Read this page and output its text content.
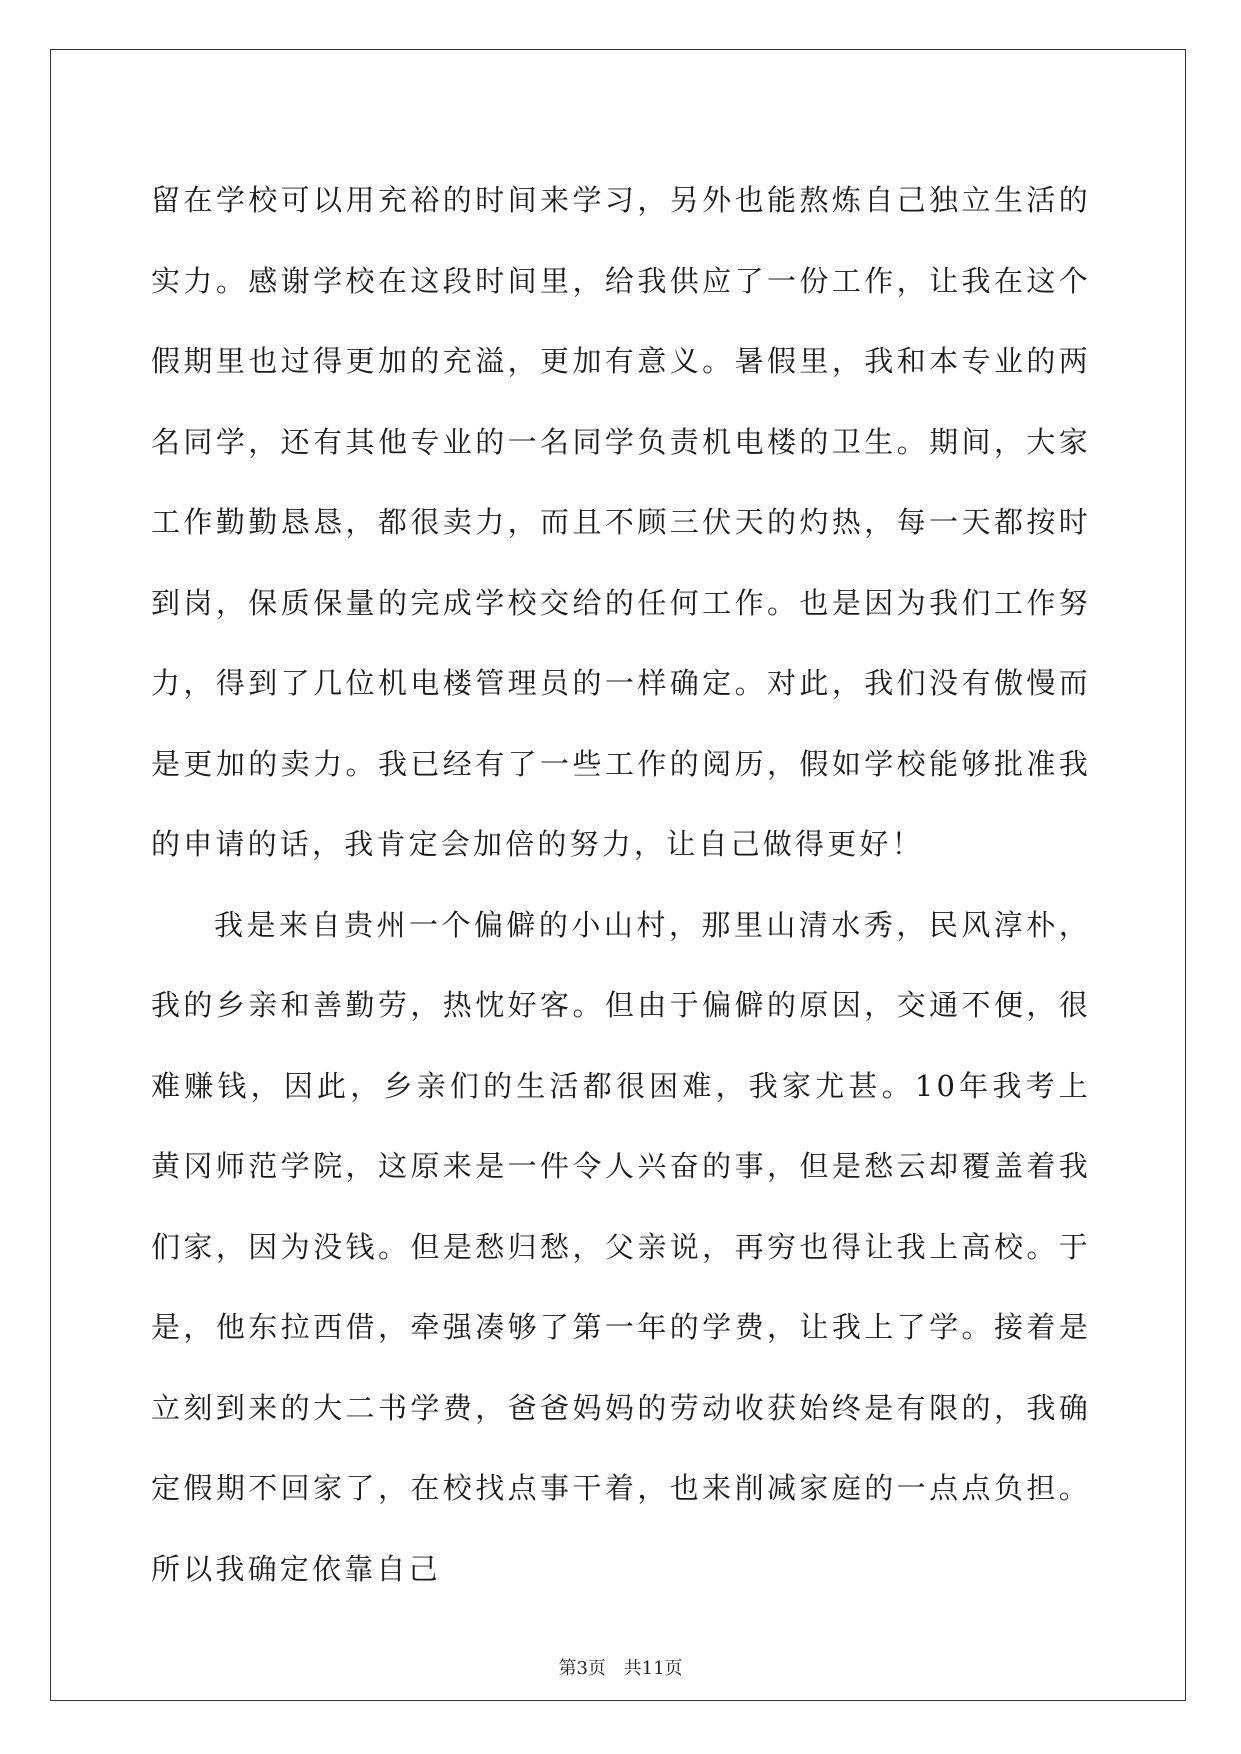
留在学校可以用充裕的时间来学习，另外也能熬炼自己独立生活的实力。感谢学校在这段时间里，给我供应了一份工作，让我在这个假期里也过得更加的充溢，更加有意义。暑假里，我和本专业的两名同学，还有其他专业的一名同学负责机电楼的卫生。期间，大家工作勤勤恳恳，都很卖力，而且不顾三伏天的灼热，每一天都按时到岗，保质保量的完成学校交给的任何工作。也是因为我们工作努力，得到了几位机电楼管理员的一样确定。对此，我们没有傲慢而是更加的卖力。我已经有了一些工作的阅历，假如学校能够批准我的申请的话，我肯定会加倍的努力，让自己做得更好！

我是来自贵州一个偏僻的小山村，那里山清水秀，民风淳朴，我的乡亲和善勤劳，热忱好客。但由于偏僻的原因，交通不便，很难赚钱，因此，乡亲们的生活都很困难，我家尤甚。10年我考上黄冈师范学院，这原来是一件令人兴奋的事，但是愁云却覆盖着我们家，因为没钱。但是愁归愁，父亲说，再穷也得让我上高校。于是，他东拉西借，牵强凑够了第一年的学费，让我上了学。接着是立刻到来的大二书学费，爸爸妈妈的劳动收获始终是有限的，我确定假期不回家了，在校找点事干着，也来削减家庭的一点点负担。所以我确定依靠自己

第3页 共11页
